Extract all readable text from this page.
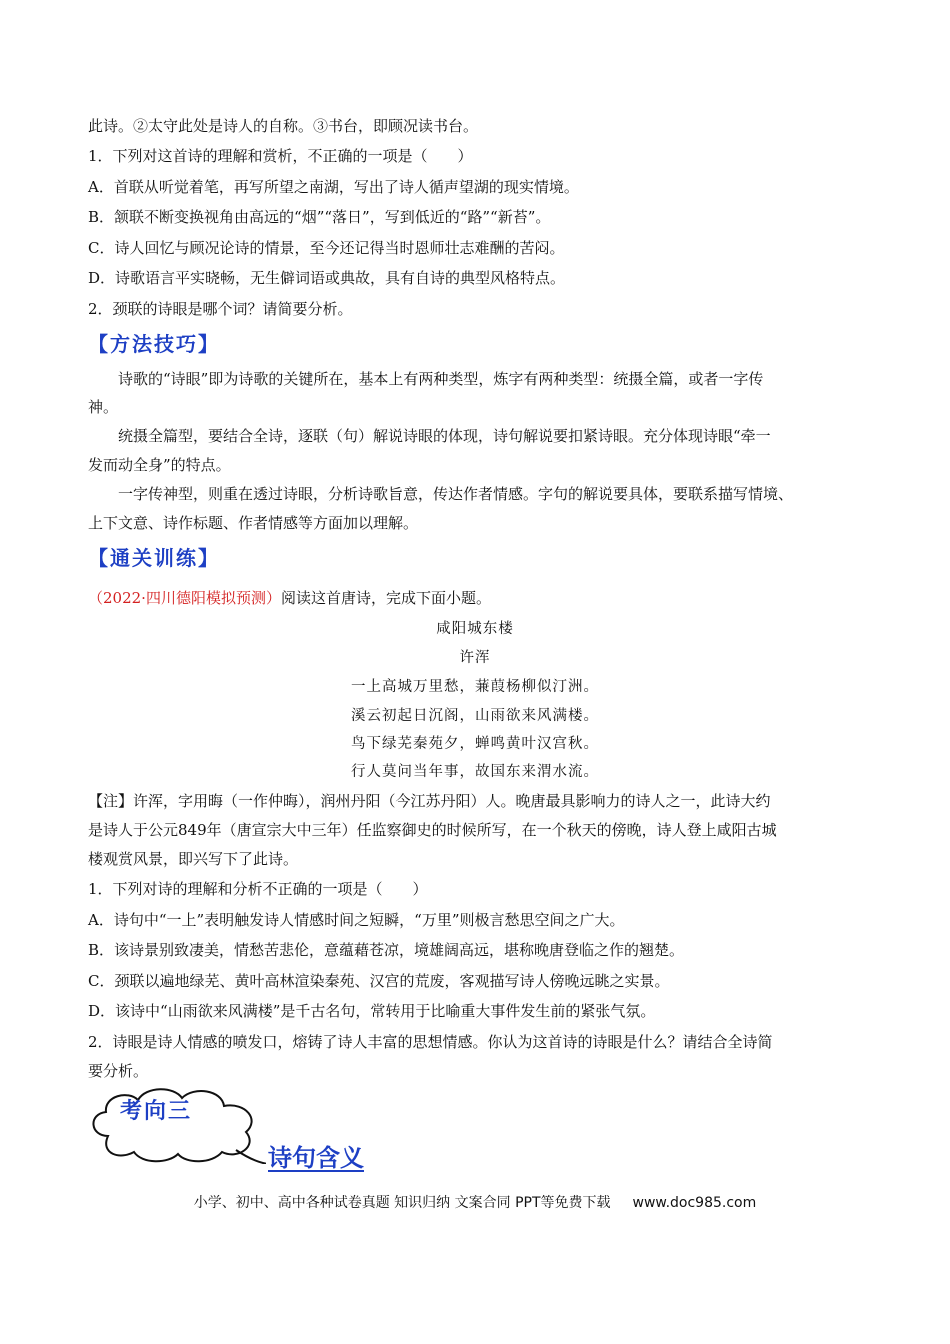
此诗。②太守此处是诗人的自称。③书台，即顾况读书台。
1．下列对这首诗的理解和赏析，不正确的一项是（　　）
A．首联从听觉着笔，再写所望之南湖，写出了诗人循声望湖的现实情境。
B．颔联不断变换视角由高远的“烟”“落日”，写到低近的“路”“新苔”。
C．诗人回忆与顾况论诗的情景，至今还记得当时恩师壮志难酬的苦闷。
D．诗歌语言平实晓畅，无生僻词语或典故，具有自诗的典型风格特点。
2．颈联的诗眼是哪个词？请简要分析。
【方法技巧】
诗歌的“诗眼”即为诗歌的关键所在，基本上有两种类型，炼字有两种类型：统摄全篇，或者一字传
神。
统摄全篇型，要结合全诗，逐联（句）解说诗眼的体现，诗句解说要扣紧诗眼。充分体现诗眼“牵一
发而动全身”的特点。
一字传神型，则重在透过诗眼，分析诗歌旨意，传达作者情感。字句的解说要具体，要联系描写情境、
上下文意、诗作标题、作者情感等方面加以理解。
【通关训练】
（2022·四川德阳模拟预测）阅读这首唐诗，完成下面小题。
咸阳城东楼
许浑
一上高城万里愁，蒹葭杨柳似汀洲。
溪云初起日沉阁，山雨欲来风满楼。
鸟下绿芜秦苑夕，蝉鸣黄叶汉宫秋。
行人莫问当年事，故国东来渭水流。
【注】许浑，字用晦（一作仲晦），润州丹阳（今江苏丹阳）人。晚唐最具影响力的诗人之一，此诗大约
是诗人于公元849年（唐宣宗大中三年）任监察御史的时候所写，在一个秋天的傍晚，诗人登上咸阳古城
楼观赏风景，即兴写下了此诗。
1．下列对诗的理解和分析不正确的一项是（　　）
A．诗句中“一上”表明触发诗人情感时间之短瞬，“万里”则极言愁思空间之广大。
B．该诗景别致凄美，情愁苦悲伦，意蕴藉苍凉，境雄阔高远，堪称晚唐登临之作的翘楚。
C．颈联以遍地绿芜、黄叶高林渲染秦苑、汉宫的荒废，客观描写诗人傍晚远眺之实景。
D．该诗中“山雨欲来风满楼”是千古名句，常转用于比喻重大事件发生前的紧张气氛。
2．诗眼是诗人情感的喷发口，熔铸了诗人丰富的思想情感。你认为这首诗的诗眼是什么？请结合全诗简
要分析。
考向三
诗句含义
小学、初中、高中各种试卷真题 知识归纳 文案合同 PPT等免费下载 www.doc985.com
